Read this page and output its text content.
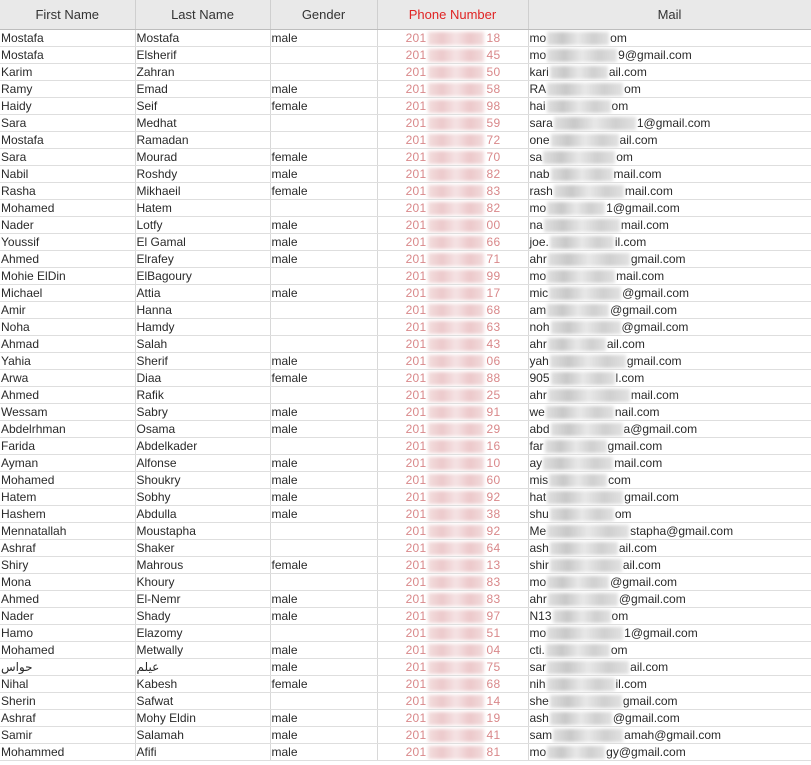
First Name	Last Name	Gender	Phone Number	Mail
Mostafa	Mostafa	male	201 18	mo om
Mostafa	Elsherif		201 45	mo 9@gmail.com
Karim	Zahran		201 50	kari ail.com
Ramy	Emad	male	201 58	RA om
Haidy	Seif	female	201 98	hai om
Sara	Medhat		201 59	sara 1@gmail.com
Mostafa	Ramadan		201 72	one ail.com
Sara	Mourad	female	201 70	sa om
Nabil	Roshdy	male	201 82	nab mail.com
Rasha	Mikhaeil	female	201 83	rash mail.com
Mohamed	Hatem		201 82	mo 1@gmail.com
Nader	Lotfy	male	201 00	na mail.com
Youssif	El Gamal	male	201 66	joe. il.com
Ahmed	Elrafey	male	201 71	ahr gmail.com
Mohie ElDin	ElBagoury		201 99	mo mail.com
Michael	Attia	male	201 17	mic @gmail.com
Amir	Hanna		201 68	am @gmail.com
Noha	Hamdy		201 63	noh @gmail.com
Ahmad	Salah		201 43	ahr ail.com
Yahia	Sherif	male	201 06	yah gmail.com
Arwa	Diaa	female	201 88	905 l.com
Ahmed	Rafik		201 25	ahr mail.com
Wessam	Sabry	male	201 91	we nail.com
Abdelrhman	Osama	male	201 29	abd a@gmail.com
Farida	Abdelkader		201 16	far gmail.com
Ayman	Alfonse	male	201 10	ay mail.com
Mohamed	Shoukry	male	201 60	mis com
Hatem	Sobhy	male	201 92	hat gmail.com
Hashem	Abdulla	male	201 38	shu om
Mennatallah	Moustapha		201 92	Me stapha@gmail.com
Ashraf	Shaker		201 64	ash ail.com
Shiry	Mahrous	female	201 13	shir ail.com
Mona	Khoury		201 83	mo @gmail.com
Ahmed	El-Nemr	male	201 83	ahr @gmail.com
Nader	Shady	male	201 97	N13 om
Hamo	Elazomy		201 51	mo 1@gmail.com
Mohamed	Metwally	male	201 04	cti. om
حواس	عيلم	male	201 75	sar ail.com
Nihal	Kabesh	female	201 68	nih il.com
Sherin	Safwat		201 14	she gmail.com
Ashraf	Mohy Eldin	male	201 19	ash @gmail.com
Samir	Salamah	male	201 41	sam amah@gmail.com
Mohammed	Afifi	male	201 81	mo gy@gmail.com
